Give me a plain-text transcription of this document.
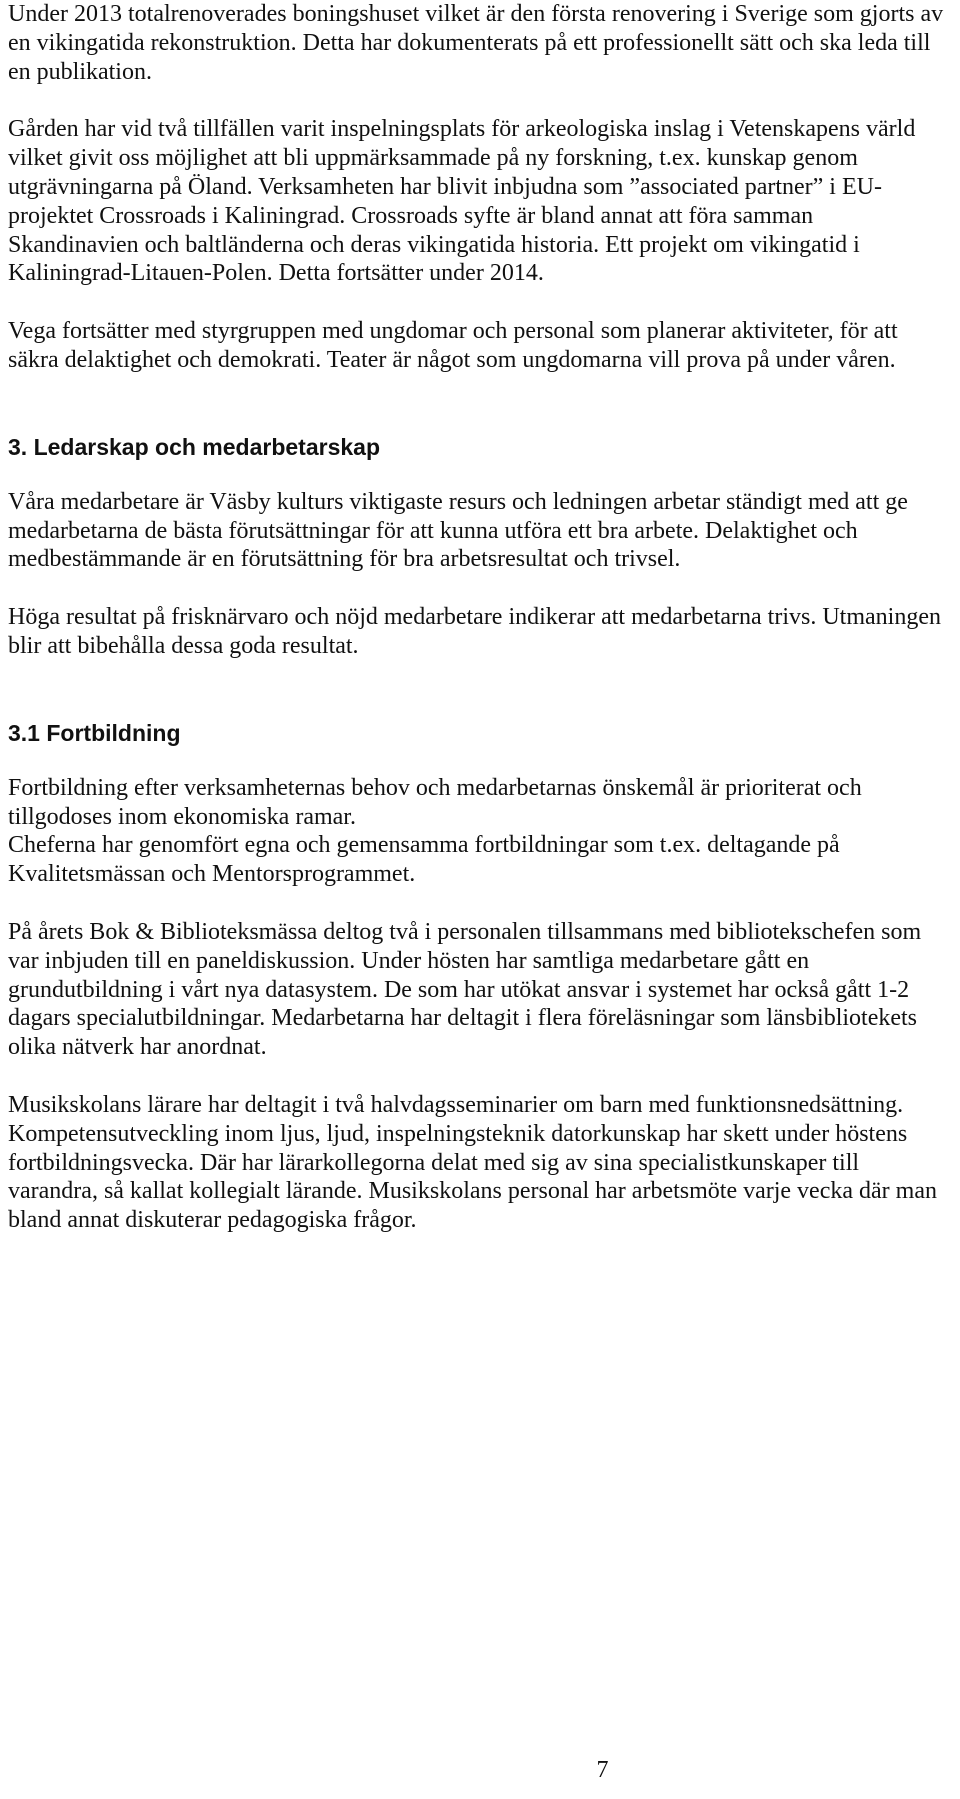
Under 2013 totalrenoverades boningshuset vilket är den första renovering i Sverige som gjorts av en vikingatida rekonstruktion. Detta har dokumenterats på ett professionellt sätt och ska leda till en publikation.

Gården har vid två tillfällen varit inspelningsplats för arkeologiska inslag i Vetenskapens värld vilket givit oss möjlighet att bli uppmärksammade på ny forskning, t.ex. kunskap genom utgrävningarna på Öland. Verksamheten har blivit inbjudna som ”associated partner” i EU-projektet Crossroads i Kaliningrad. Crossroads syfte är bland annat att föra samman Skandinavien och baltländerna och deras vikingatida historia. Ett projekt om vikingatid i Kaliningrad-Litauen-Polen. Detta fortsätter under 2014.

Vega fortsätter med styrgruppen med ungdomar och personal som planerar aktiviteter, för att säkra delaktighet och demokrati. Teater är något som ungdomarna vill prova på under våren.

3. Ledarskap och medarbetarskap

Våra medarbetare är Väsby kulturs viktigaste resurs och ledningen arbetar ständigt med att ge medarbetarna de bästa förutsättningar för att kunna utföra ett bra arbete. Delaktighet och medbestämmande är en förutsättning för bra arbetsresultat och trivsel.

Höga resultat på frisknärvaro och nöjd medarbetare indikerar att medarbetarna trivs. Utmaningen blir att bibehålla dessa goda resultat.

3.1 Fortbildning

Fortbildning efter verksamheternas behov och medarbetarnas önskemål är prioriterat och tillgodoses inom ekonomiska ramar.

Cheferna har genomfört egna och gemensamma fortbildningar som t.ex. deltagande på Kvalitetsmässan och Mentorsprogrammet.

På årets Bok & Biblioteksmässa deltog två i personalen tillsammans med bibliotekschefen som var inbjuden till en paneldiskussion. Under hösten har samtliga medarbetare gått en grundutbildning i vårt nya datasystem. De som har utökat ansvar i systemet har också gått 1-2 dagars specialutbildningar. Medarbetarna har deltagit i flera föreläsningar som länsbibliotekets olika nätverk har anordnat.

Musikskolans lärare har deltagit i två halvdagsseminarier om barn med funktionsnedsättning. Kompetensutveckling inom ljus, ljud, inspelningsteknik datorkunskap har skett under höstens fortbildningsvecka. Där har lärarkollegorna delat med sig av sina specialistkunskaper till varandra, så kallat kollegialt lärande. Musikskolans personal har arbetsmöte varje vecka där man bland annat diskuterar pedagogiska frågor.

7
